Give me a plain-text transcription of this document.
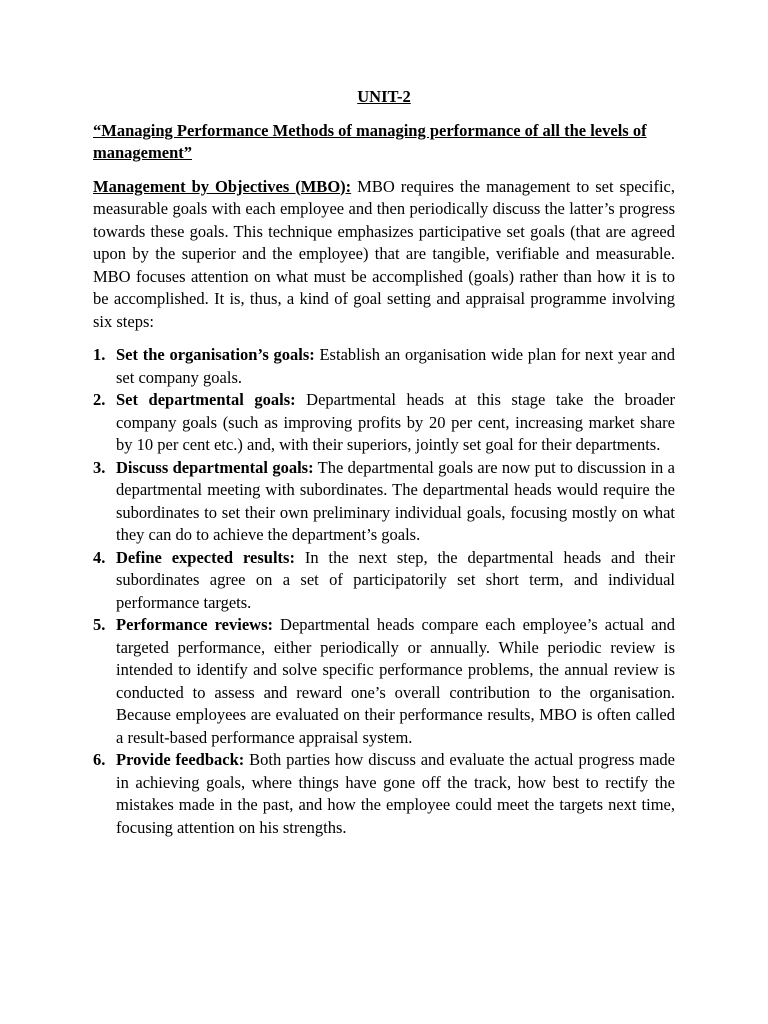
UNIT-2
“Managing Performance Methods of managing performance of all the levels of management”

Management by Objectives (MBO): MBO requires the management to set specific, measurable goals with each employee and then periodically discuss the latter’s progress towards these goals. This technique emphasizes participative set goals (that are agreed upon by the superior and the employee) that are tangible, verifiable and measurable. MBO focuses attention on what must be accomplished (goals) rather than how it is to be accomplished. It is, thus, a kind of goal setting and appraisal programme involving six steps:

1. Set the organisation’s goals: Establish an organisation wide plan for next year and set company goals.
2. Set departmental goals: Departmental heads at this stage take the broader company goals (such as improving profits by 20 per cent, increasing market share by 10 per cent etc.) and, with their superiors, jointly set goal for their departments.
3. Discuss departmental goals: The departmental goals are now put to discussion in a departmental meeting with subordinates. The departmental heads would require the subordinates to set their own preliminary individual goals, focusing mostly on what they can do to achieve the department’s goals.
4. Define expected results: In the next step, the departmental heads and their subordinates agree on a set of participatorily set short term, and individual performance targets.
5. Performance reviews: Departmental heads compare each employee’s actual and targeted performance, either periodically or annually. While periodic review is intended to identify and solve specific performance problems, the annual review is conducted to assess and reward one’s overall contribution to the organisation. Because employees are evaluated on their performance results, MBO is often called a result-based performance appraisal system.
6. Provide feedback: Both parties how discuss and evaluate the actual progress made in achieving goals, where things have gone off the track, how best to rectify the mistakes made in the past, and how the employee could meet the targets next time, focusing attention on his strengths.
